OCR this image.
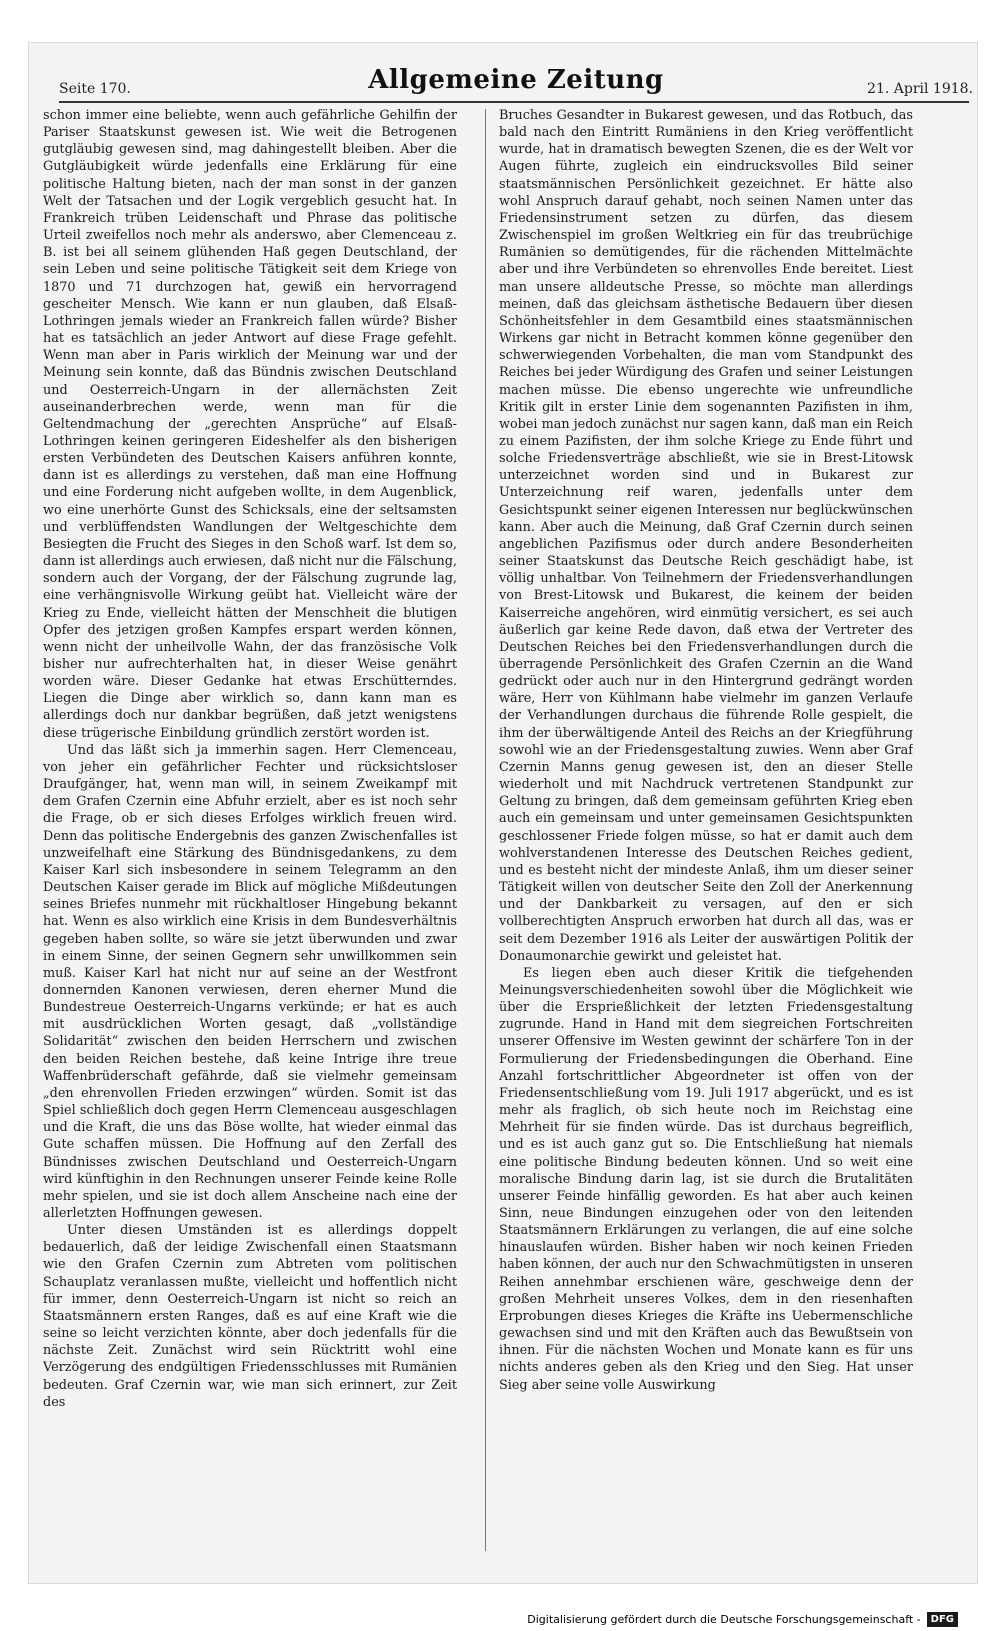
Seite 170.	Allgemeine Zeitung	21. April 1918.

schon immer eine beliebte, wenn auch gefährliche Gehilfin der Pariser Staatskunst gewesen ist. Wie weit die Betrogenen gutgläubig gewesen sind, mag dahingestellt bleiben. Aber die Gutgläubigkeit würde jedenfalls eine Erklärung für eine politische Haltung bieten, nach der man sonst in der ganzen Welt der Tatsachen und der Logik vergeblich gesucht hat. In Frankreich trüben Leidenschaft und Phrase das politische Urteil zweifellos noch mehr als anderswo, aber Clemenceau z. B. ist bei all seinem glühenden Haß gegen Deutschland, der sein Leben und seine politische Tätigkeit seit dem Kriege von 1870 und 71 durchzogen hat, gewiß ein hervorragend gescheiter Mensch. Wie kann er nun glauben, daß Elsaß-Lothringen jemals wieder an Frankreich fallen würde? Bisher hat es tatsächlich an jeder Antwort auf diese Frage gefehlt. Wenn man aber in Paris wirklich der Meinung war und der Meinung sein konnte, daß das Bündnis zwischen Deutschland und Oesterreich-Ungarn in der allernächsten Zeit auseinanderbrechen werde, wenn man für die Geltendmachung der „gerechten Ansprüche“ auf Elsaß-Lothringen keinen geringeren Eideshelfer als den bisherigen ersten Verbündeten des Deutschen Kaisers anführen konnte, dann ist es allerdings zu verstehen, daß man eine Hoffnung und eine Forderung nicht aufgeben wollte, in dem Augenblick, wo eine unerhörte Gunst des Schicksals, eine der seltsamsten und verblüffendsten Wandlungen der Weltgeschichte dem Besiegten die Frucht des Sieges in den Schoß warf. Ist dem so, dann ist allerdings auch erwiesen, daß nicht nur die Fälschung, sondern auch der Vorgang, der der Fälschung zugrunde lag, eine verhängnisvolle Wirkung geübt hat. Vielleicht wäre der Krieg zu Ende, vielleicht hätten der Menschheit die blutigen Opfer des jetzigen großen Kampfes erspart werden können, wenn nicht der unheilvolle Wahn, der das französische Volk bisher nur aufrechterhalten hat, in dieser Weise genährt worden wäre. Dieser Gedanke hat etwas Erschütterndes. Liegen die Dinge aber wirklich so, dann kann man es allerdings doch nur dankbar begrüßen, daß jetzt wenigstens diese trügerische Einbildung gründlich zerstört worden ist.

Und das läßt sich ja immerhin sagen. Herr Clemenceau, von jeher ein gefährlicher Fechter und rücksichtsloser Draufgänger, hat, wenn man will, in seinem Zweikampf mit dem Grafen Czernin eine Abfuhr erzielt, aber es ist noch sehr die Frage, ob er sich dieses Erfolges wirklich freuen wird. Denn das politische Endergebnis des ganzen Zwischenfalles ist unzweifelhaft eine Stärkung des Bündnisgedankens, zu dem Kaiser Karl sich insbesondere in seinem Telegramm an den Deutschen Kaiser gerade im Blick auf mögliche Mißdeutungen seines Briefes nunmehr mit rückhaltloser Hingebung bekannt hat. Wenn es also wirklich eine Krisis in dem Bundesverhältnis gegeben haben sollte, so wäre sie jetzt überwunden und zwar in einem Sinne, der seinen Gegnern sehr unwillkommen sein muß. Kaiser Karl hat nicht nur auf seine an der Westfront donnernden Kanonen verwiesen, deren eherner Mund die Bundestreue Oesterreich-Ungarns verkünde; er hat es auch mit ausdrücklichen Worten gesagt, daß „vollständige Solidarität“ zwischen den beiden Herrschern und zwischen den beiden Reichen bestehe, daß keine Intrige ihre treue Waffenbrüderschaft gefährde, daß sie vielmehr gemeinsam „den ehrenvollen Frieden erzwingen“ würden. Somit ist das Spiel schließlich doch gegen Herrn Clemenceau ausgeschlagen und die Kraft, die uns das Böse wollte, hat wieder einmal das Gute schaffen müssen. Die Hoffnung auf den Zerfall des Bündnisses zwischen Deutschland und Oesterreich-Ungarn wird künftighin in den Rechnungen unserer Feinde keine Rolle mehr spielen, und sie ist doch allem Anscheine nach eine der allerletzten Hoffnungen gewesen.

Unter diesen Umständen ist es allerdings doppelt bedauerlich, daß der leidige Zwischenfall einen Staatsmann wie den Grafen Czernin zum Abtreten vom politischen Schauplatz veranlassen mußte, vielleicht und hoffentlich nicht für immer, denn Oesterreich-Ungarn ist nicht so reich an Staatsmännern ersten Ranges, daß es auf eine Kraft wie die seine so leicht verzichten könnte, aber doch jedenfalls für die nächste Zeit. Zunächst wird sein Rücktritt wohl eine Verzögerung des endgültigen Friedensschlusses mit Rumänien bedeuten. Graf Czernin war, wie man sich erinnert, zur Zeit des

Bruches Gesandter in Bukarest gewesen, und das Rotbuch, das bald nach den Eintritt Rumäniens in den Krieg veröffentlicht wurde, hat in dramatisch bewegten Szenen, die es der Welt vor Augen führte, zugleich ein eindrucksvolles Bild seiner staatsmännischen Persönlichkeit gezeichnet. Er hätte also wohl Anspruch darauf gehabt, noch seinen Namen unter das Friedensinstrument setzen zu dürfen, das diesem Zwischenspiel im großen Weltkrieg ein für das treubrüchige Rumänien so demütigendes, für die rächenden Mittelmächte aber und ihre Verbündeten so ehrenvolles Ende bereitet. Liest man unsere alldeutsche Presse, so möchte man allerdings meinen, daß das gleichsam ästhetische Bedauern über diesen Schönheitsfehler in dem Gesamtbild eines staatsmännischen Wirkens gar nicht in Betracht kommen könne gegenüber den schwerwiegenden Vorbehalten, die man vom Standpunkt des Reiches bei jeder Würdigung des Grafen und seiner Leistungen machen müsse. Die ebenso ungerechte wie unfreundliche Kritik gilt in erster Linie dem sogenannten Pazifisten in ihm, wobei man jedoch zunächst nur sagen kann, daß man ein Reich zu einem Pazifisten, der ihm solche Kriege zu Ende führt und solche Friedensverträge abschließt, wie sie in Brest-Litowsk unterzeichnet worden sind und in Bukarest zur Unterzeichnung reif waren, jedenfalls unter dem Gesichtspunkt seiner eigenen Interessen nur beglückwünschen kann. Aber auch die Meinung, daß Graf Czernin durch seinen angeblichen Pazifismus oder durch andere Besonderheiten seiner Staatskunst das Deutsche Reich geschädigt habe, ist völlig unhaltbar. Von Teilnehmern der Friedensverhandlungen von Brest-Litowsk und Bukarest, die keinem der beiden Kaiserreiche angehören, wird einmütig versichert, es sei auch äußerlich gar keine Rede davon, daß etwa der Vertreter des Deutschen Reiches bei den Friedensverhandlungen durch die überragende Persönlichkeit des Grafen Czernin an die Wand gedrückt oder auch nur in den Hintergrund gedrängt worden wäre, Herr von Kühlmann habe vielmehr im ganzen Verlaufe der Verhandlungen durchaus die führende Rolle gespielt, die ihm der überwältigende Anteil des Reichs an der Kriegführung sowohl wie an der Friedensgestaltung zuwies. Wenn aber Graf Czernin Manns genug gewesen ist, den an dieser Stelle wiederholt und mit Nachdruck vertretenen Standpunkt zur Geltung zu bringen, daß dem gemeinsam geführten Krieg eben auch ein gemeinsam und unter gemeinsamen Gesichtspunkten geschlossener Friede folgen müsse, so hat er damit auch dem wohlverstandenen Interesse des Deutschen Reiches gedient, und es besteht nicht der mindeste Anlaß, ihm um dieser seiner Tätigkeit willen von deutscher Seite den Zoll der Anerkennung und der Dankbarkeit zu versagen, auf den er sich vollberechtigten Anspruch erworben hat durch all das, was er seit dem Dezember 1916 als Leiter der auswärtigen Politik der Donaumonarchie gewirkt und geleistet hat.

Es liegen eben auch dieser Kritik die tiefgehenden Meinungsverschiedenheiten sowohl über die Möglichkeit wie über die Ersprießlichkeit der letzten Friedensgestaltung zugrunde. Hand in Hand mit dem siegreichen Fortschreiten unserer Offensive im Westen gewinnt der schärfere Ton in der Formulierung der Friedensbedingungen die Oberhand. Eine Anzahl fortschrittlicher Abgeordneter ist offen von der Friedensentschließung vom 19. Juli 1917 abgerückt, und es ist mehr als fraglich, ob sich heute noch im Reichstag eine Mehrheit für sie finden würde. Das ist durchaus begreiflich, und es ist auch ganz gut so. Die Entschließung hat niemals eine politische Bindung bedeuten können. Und so weit eine moralische Bindung darin lag, ist sie durch die Brutalitäten unserer Feinde hinfällig geworden. Es hat aber auch keinen Sinn, neue Bindungen einzugehen oder von den leitenden Staatsmännern Erklärungen zu verlangen, die auf eine solche hinauslaufen würden. Bisher haben wir noch keinen Frieden haben können, der auch nur den Schwachmütigsten in unseren Reihen annehmbar erschienen wäre, geschweige denn der großen Mehrheit unseres Volkes, dem in den riesenhaften Erprobungen dieses Krieges die Kräfte ins Uebermenschliche gewachsen sind und mit den Kräften auch das Bewußtsein von ihnen. Für die nächsten Wochen und Monate kann es für uns nichts anderes geben als den Krieg und den Sieg. Hat unser Sieg aber seine volle Auswirkung

Digitalisierung gefördert durch die Deutsche Forschungsgemeinschaft -	DFG
